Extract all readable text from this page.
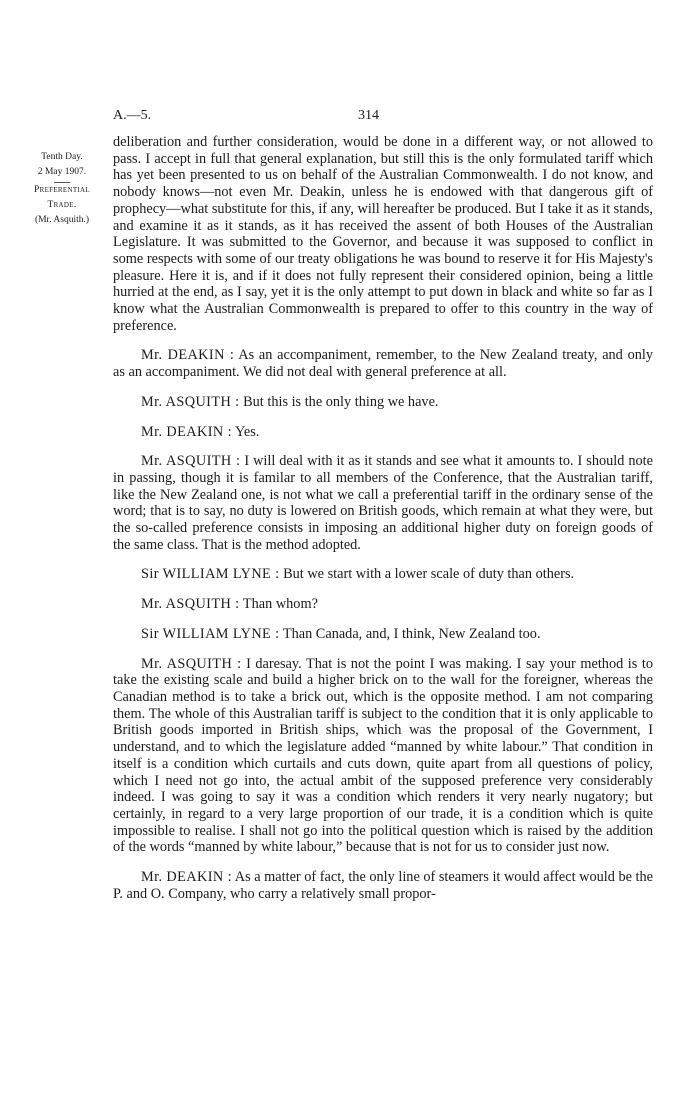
A.—5.	314
Tenth Day.
2 May 1907.
Preferential
Trade.
(Mr. Asquith.)

deliberation and further consideration, would be done in a different way, or not allowed to pass. I accept in full that general explanation, but still this is the only formulated tariff which has yet been presented to us on behalf of the Australian Commonwealth. I do not know, and nobody knows—not even Mr. Deakin, unless he is endowed with that dangerous gift of prophecy—what substitute for this, if any, will hereafter be produced. But I take it as it stands, and examine it as it stands, as it has received the assent of both Houses of the Australian Legislature. It was submitted to the Governor, and because it was supposed to conflict in some respects with some of our treaty obligations he was bound to reserve it for His Majesty's pleasure. Here it is, and if it does not fully represent their considered opinion, being a little hurried at the end, as I say, yet it is the only attempt to put down in black and white so far as I know what the Australian Commonwealth is prepared to offer to this country in the way of preference.

Mr. DEAKIN : As an accompaniment, remember, to the New Zealand treaty, and only as an accompaniment. We did not deal with general preference at all.

Mr. ASQUITH : But this is the only thing we have.

Mr. DEAKIN : Yes.

Mr. ASQUITH : I will deal with it as it stands and see what it amounts to. I should note in passing, though it is familar to all members of the Conference, that the Australian tariff, like the New Zealand one, is not what we call a preferential tariff in the ordinary sense of the word; that is to say, no duty is lowered on British goods, which remain at what they were, but the so-called preference consists in imposing an additional higher duty on foreign goods of the same class. That is the method adopted.

Sir WILLIAM LYNE : But we start with a lower scale of duty than others.

Mr. ASQUITH : Than whom?

Sir WILLIAM LYNE : Than Canada, and, I think, New Zealand too.

Mr. ASQUITH : I daresay. That is not the point I was making. I say your method is to take the existing scale and build a higher brick on to the wall for the foreigner, whereas the Canadian method is to take a brick out, which is the opposite method. I am not comparing them. The whole of this Australian tariff is subject to the condition that it is only applicable to British goods imported in British ships, which was the proposal of the Government, I understand, and to which the legislature added “manned by white labour.” That condition in itself is a condition which curtails and cuts down, quite apart from all questions of policy, which I need not go into, the actual ambit of the supposed preference very considerably indeed. I was going to say it was a condition which renders it very nearly nugatory; but certainly, in regard to a very large proportion of our trade, it is a condition which is quite impossible to realise. I shall not go into the political question which is raised by the addition of the words “manned by white labour,” because that is not for us to consider just now.

Mr. DEAKIN : As a matter of fact, the only line of steamers it would affect would be the P. and O. Company, who carry a relatively small propor-
